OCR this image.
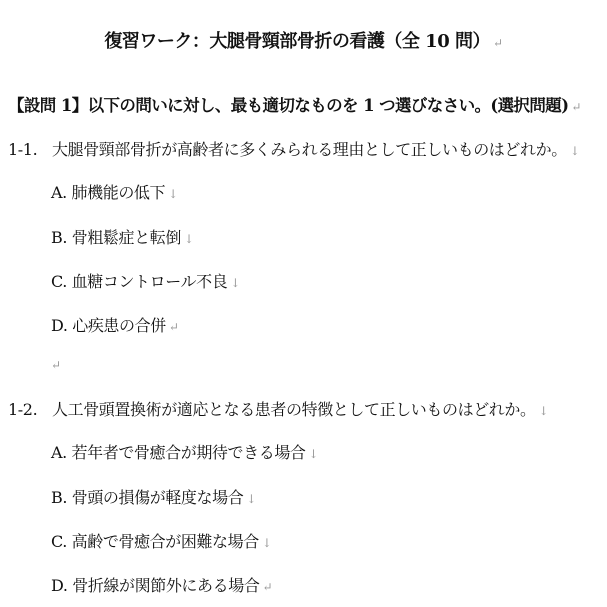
復習ワーク：大腿骨頸部骨折の看護（全 10 問） ↵
【設問 1】以下の問いに対し、最も適切なものを 1 つ選びなさい。(選択問題) ↵
1-1. 大腿骨頸部骨折が高齢者に多くみられる理由として正しいものはどれか。 ↓
A. 肺機能の低下 ↓
B. 骨粗鬆症と転倒 ↓
C. 血糖コントロール不良 ↓
D. 心疾患の合併 ↵
↵
1-2. 人工骨頭置換術が適応となる患者の特徴として正しいものはどれか。 ↓
A. 若年者で骨癒合が期待できる場合 ↓
B. 骨頭の損傷が軽度な場合 ↓
C. 高齢で骨癒合が困難な場合 ↓
D. 骨折線が関節外にある場合 ↵
